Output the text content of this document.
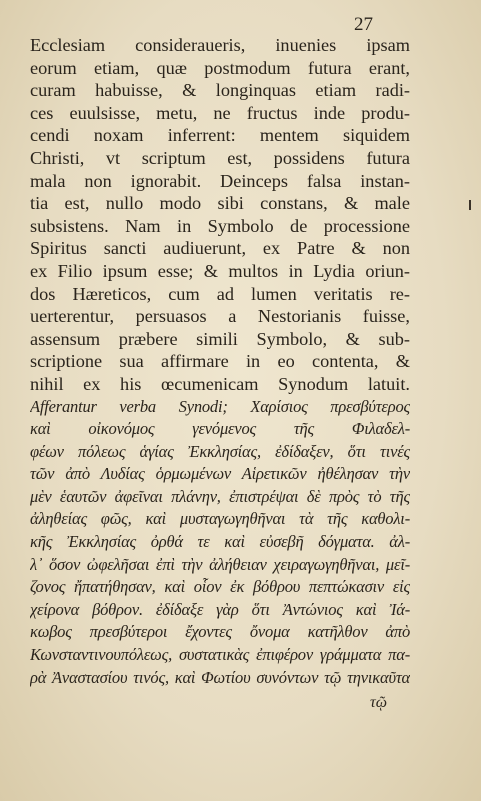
27
Ecclesiam consideraueris, inuenies ipsam
eorum etiam, quæ postmodum futura erant,
curam habuisse, & longinquas etiam radi-
ces euulsisse, metu, ne fructus inde produ-
cendi noxam inferrent: mentem siquidem
Christi, vt scriptum est, possidens futura
mala non ignorabit. Deinceps falsa instan-
tia est, nullo modo sibi constans, & male
subsistens. Nam in Symbolo de processione
Spiritus sancti audiuerunt, ex Patre & non
ex Filio ipsum esse; & multos in Lydia oriun-
dos Hæreticos, cum ad lumen veritatis re-
uerterentur, persuasos a Nestorianis fuisse,
assensum præbere simili Symbolo, & sub-
scriptione sua affirmare in eo contenta, &
nihil ex his œcumenicam Synodum latuit.
Afferantur verba Synodi; Χαρίσιος πρεσβύτερος
καὶ οἰκονόμος γενόμενος τῆς Φιλαδελ-
φέων πόλεως ἁγίας Ἐκκλησίας, ἐδίδαξεν, ὅτι τινές
τῶν ἀπὸ Λυδίας ὁρμωμένων Αἱρετικῶν ἠθέλησαν τὴν
μὲν ἑαυτῶν ἀφεῖναι πλάνην, ἐπιστρέψαι δὲ πρὸς τὸ τῆς
ἀληθείας φῶς, καὶ μυσταγωγηθῆναι τὰ τῆς καθολι-
κῆς Ἐκκλησίας ὀρθά τε καὶ εὐσεβῆ δόγματα. ἀλ-
λ᾽ ὅσον ὠφελῆσαι ἐπὶ τὴν ἀλήθειαν χειραγωγηθῆναι, μεῖ-
ζονος ἤπατήθησαν, καὶ οἷον ἐκ βόθρου πεπτώκασιν εἰς
χείρονα βόθρον. ἐδίδαξε γὰρ ὅτι Ἀντώνιος καὶ Ἰά-
κωβος πρεσβύτεροι ἔχοντες ὄνομα κατῆλθον ἀπὸ
Κωνσταντινουπόλεως, συστατικὰς ἐπιφέρον γράμματα πα-
ρὰ Ἀναστασίου τινός, καὶ Φωτίου συνόντων τῷ τηνικαῦτα
τῷ
